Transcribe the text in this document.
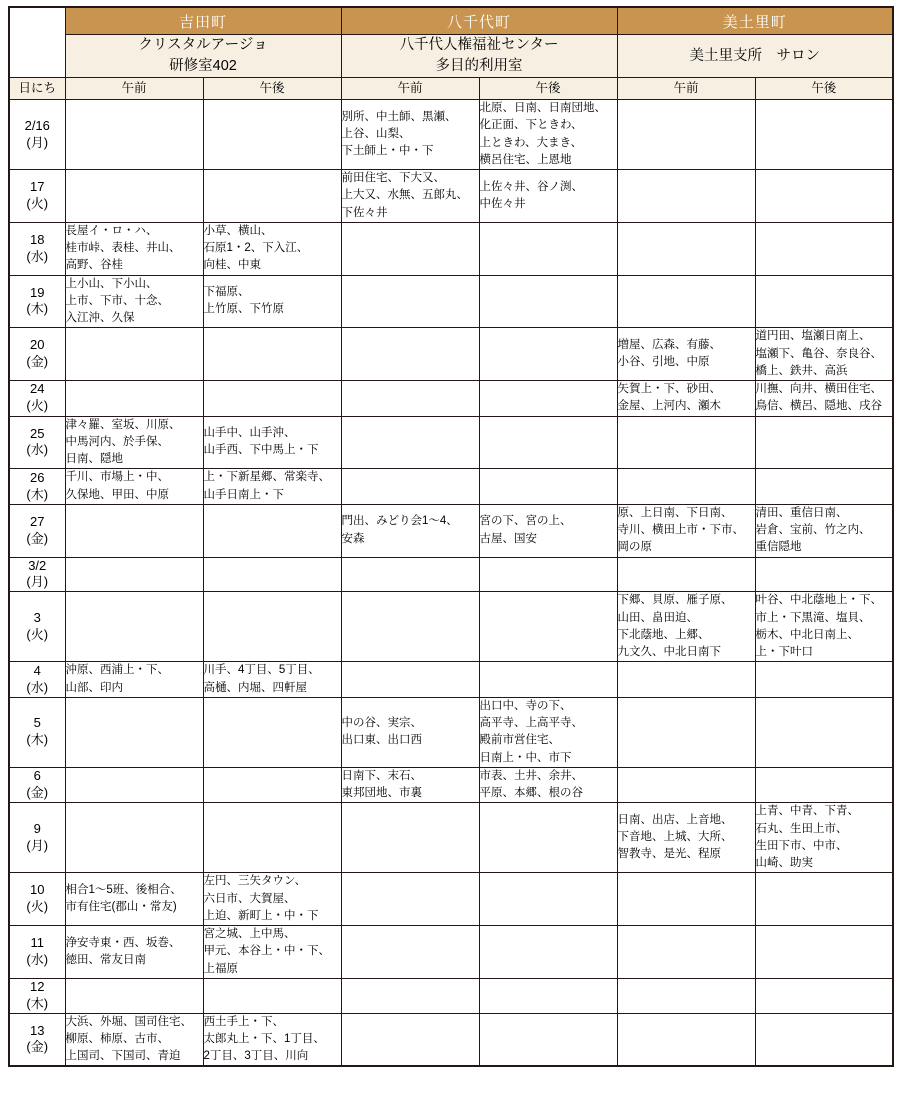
	吉田町		八千代町		美土里町	

	クリスタルアージョ
研修室402		八千代人権福祉センター
多目的利用室		美土里支所　サロン	

日にち	午前	午後	午前	午後	午前	午後

2/16
(月)			別所、中土師、黒瀬、
上谷、山梨、
下土師上・中・下	北原、日南、日南団地、
化正面、下ときわ、
上ときわ、大まき、
横呂住宅、上恩地		

17
(火)			前田住宅、下大又、
上大又、水無、五郎丸、
下佐々井	上佐々井、谷ノ渕、
中佐々井		

18
(水)	長屋イ・ロ・ハ、
桂市峠、表桂、井山、
高野、谷桂	小草、横山、
石原1・2、下入江、
向桂、中東				

19
(木)	上小山、下小山、
上市、下市、十念、
入江沖、久保	下福原、
上竹原、下竹原				

20
(金)					増屋、広森、有藤、
小谷、引地、中原	道円田、塩瀬日南上、
塩瀬下、亀谷、奈良谷、
橋上、鉄井、高浜

24
(火)					矢賀上・下、砂田、
金屋、上河内、瀬木	川撫、向井、横田住宅、
鳥信、横呂、隠地、戌谷

25
(水)	津々羅、室坂、川原、
中馬河内、於手保、
日南、隠地	山手中、山手沖、
山手西、下中馬上・下				

26
(木)	千川、市場上・中、
久保地、甲田、中原	上・下新星郷、常楽寺、
山手日南上・下				

27
(金)			門出、みどり会1〜4、
安森	宮の下、宮の上、
古屋、国安	原、上日南、下日南、
寺川、横田上市・下市、
岡の原	清田、重信日南、
岩倉、宝前、竹之内、
重信隠地

3/2
(月)						

3
(火)					下郷、貝原、雁子原、
山田、畠田迫、
下北蔭地、上郷、
九文久、中北日南下	叶谷、中北蔭地上・下、
市上・下黒滝、塩貝、
栃木、中北日南上、
上・下叶口

4
(水)	沖原、西浦上・下、
山部、印内	川手、4丁目、5丁目、
高樋、内堀、四軒屋				

5
(木)			中の谷、実宗、
出口東、出口西	出口中、寺の下、
高平寺、上高平寺、
殿前市営住宅、
日南上・中、市下		

6
(金)			日南下、末石、
東邦団地、市裏	市表、土井、余井、
平原、本郷、根の谷		

9
(月)					日南、出店、上音地、
下音地、上城、大所、
智教寺、是光、程原	上青、中青、下青、
石丸、生田上市、
生田下市、中市、
山崎、助実

10
(火)	相合1〜5班、後相合、
市有住宅(郡山・常友)	左円、三矢タウン、
六日市、大賀屋、
上迫、新町上・中・下				

11
(水)	浄安寺東・西、坂巻、
徳田、常友日南	宮之城、上中馬、
甲元、本谷上・中・下、
上福原				

12
(木)						

13
(金)	大浜、外堀、国司住宅、
柳原、柿原、古市、
上国司、下国司、青迫	西土手上・下、
太郎丸上・下、1丁目、
2丁目、3丁目、川向				
